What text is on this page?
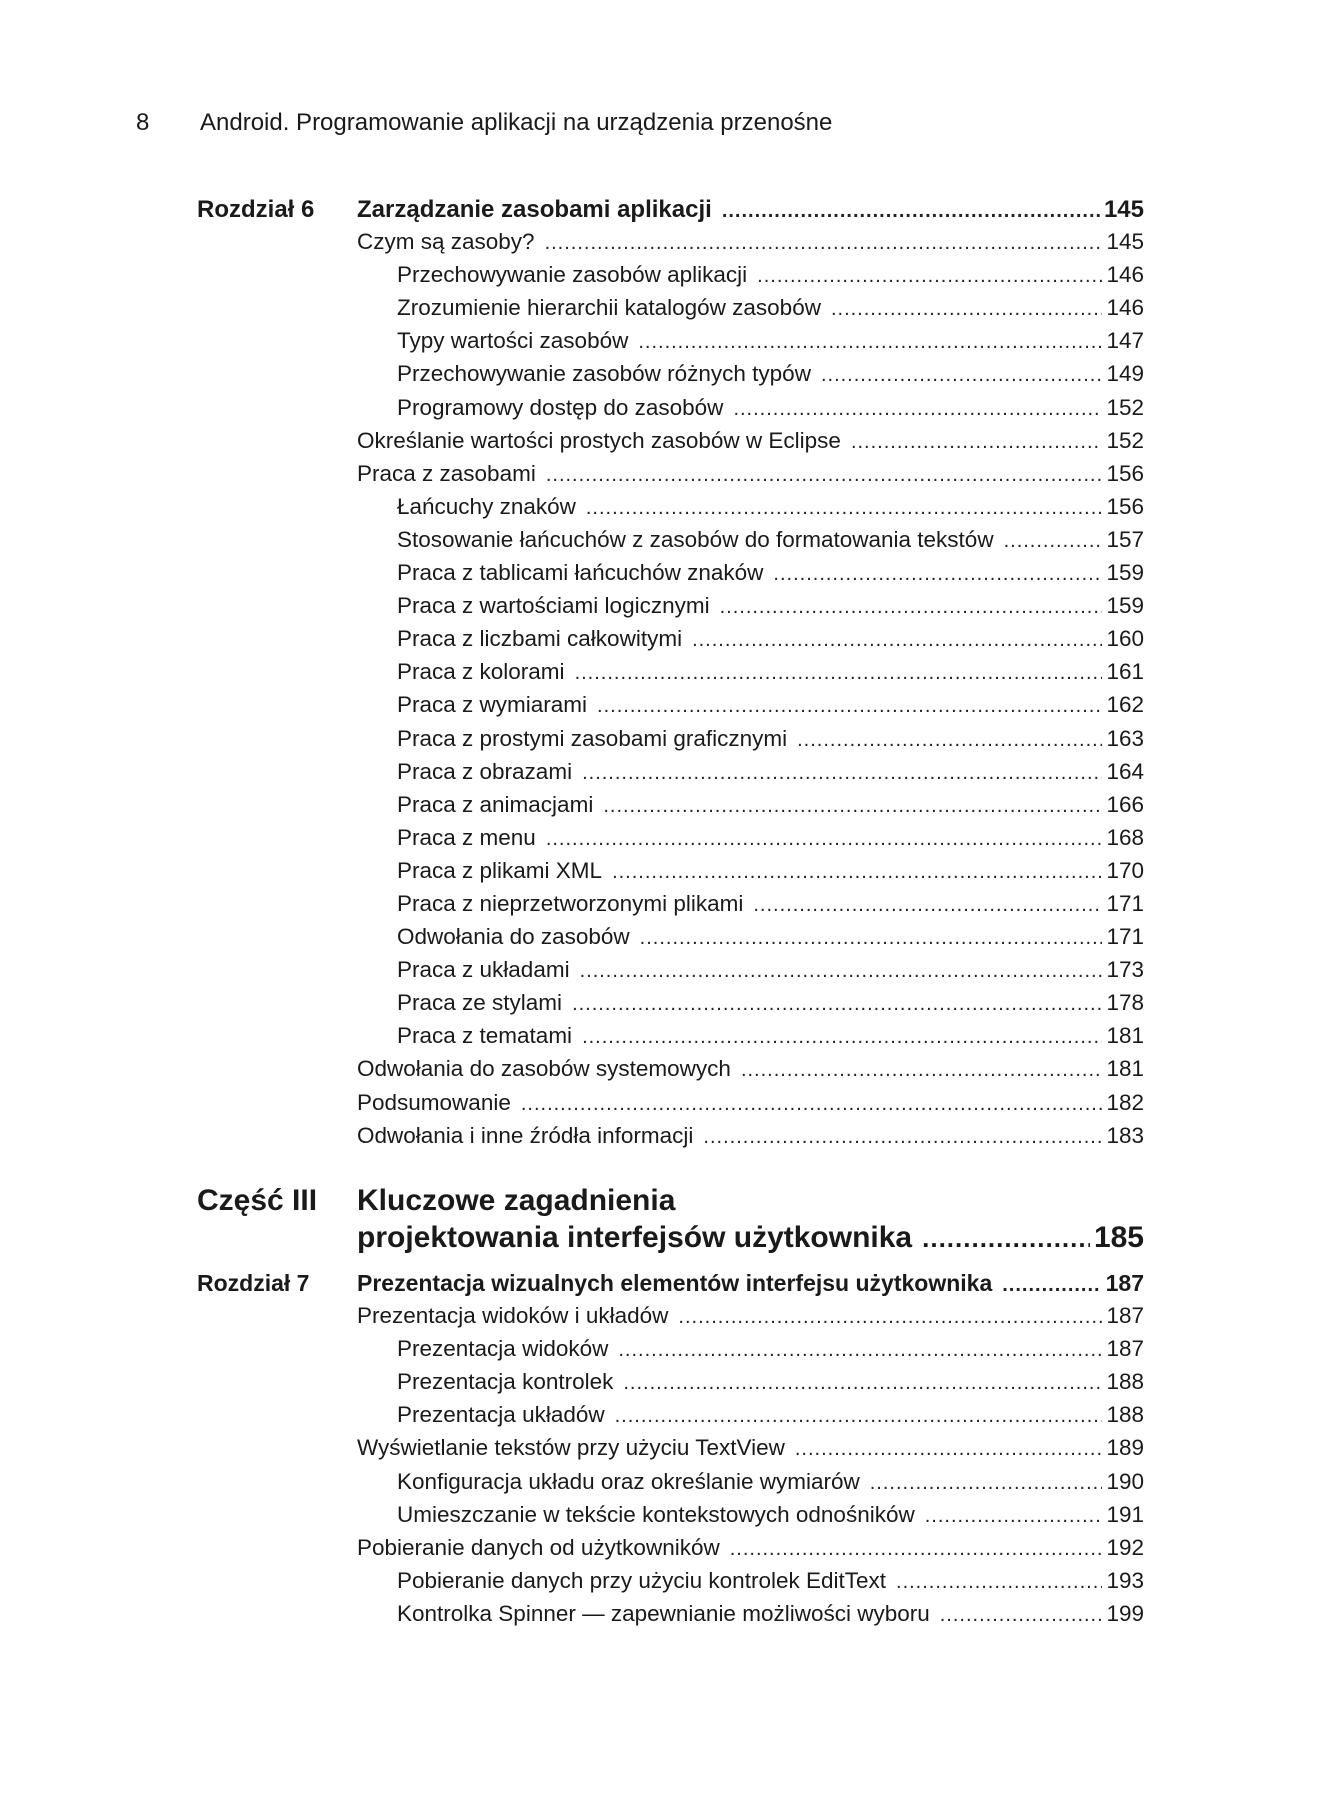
8	Android. Programowanie aplikacji na urządzenia przenośne
Rozdział 6	Zarządzanie zasobami aplikacji .....	145
Czym są zasoby? .....	145
Przechowywanie zasobów aplikacji .....	146
Zrozumienie hierarchii katalogów zasobów .....	146
Typy wartości zasobów .....	147
Przechowywanie zasobów różnych typów .....	149
Programowy dostęp do zasobów .....	152
Określanie wartości prostych zasobów w Eclipse .....	152
Praca z zasobami .....	156
Łańcuchy znaków .....	156
Stosowanie łańcuchów z zasobów do formatowania tekstów .....	157
Praca z tablicami łańcuchów znaków .....	159
Praca z wartościami logicznymi .....	159
Praca z liczbami całkowitymi .....	160
Praca z kolorami .....	161
Praca z wymiarami .....	162
Praca z prostymi zasobami graficznymi .....	163
Praca z obrazami .....	164
Praca z animacjami .....	166
Praca z menu .....	168
Praca z plikami XML .....	170
Praca z nieprzetworzonymi plikami .....	171
Odwołania do zasobów .....	171
Praca z układami .....	173
Praca ze stylami .....	178
Praca z tematami .....	181
Odwołania do zasobów systemowych .....	181
Podsumowanie .....	182
Odwołania i inne źródła informacji .....	183
Część III	Kluczowe zagadnienia
projektowania interfejsów użytkownika .....	185
Rozdział 7	Prezentacja wizualnych elementów interfejsu użytkownika .....	187
Prezentacja widoków i układów .....	187
Prezentacja widoków .....	187
Prezentacja kontrolek .....	188
Prezentacja układów .....	188
Wyświetlanie tekstów przy użyciu TextView .....	189
Konfiguracja układu oraz określanie wymiarów .....	190
Umieszczanie w tekście kontekstowych odnośników .....	191
Pobieranie danych od użytkowników .....	192
Pobieranie danych przy użyciu kontrolek EditText .....	193
Kontrolka Spinner — zapewnianie możliwości wyboru .....	199
